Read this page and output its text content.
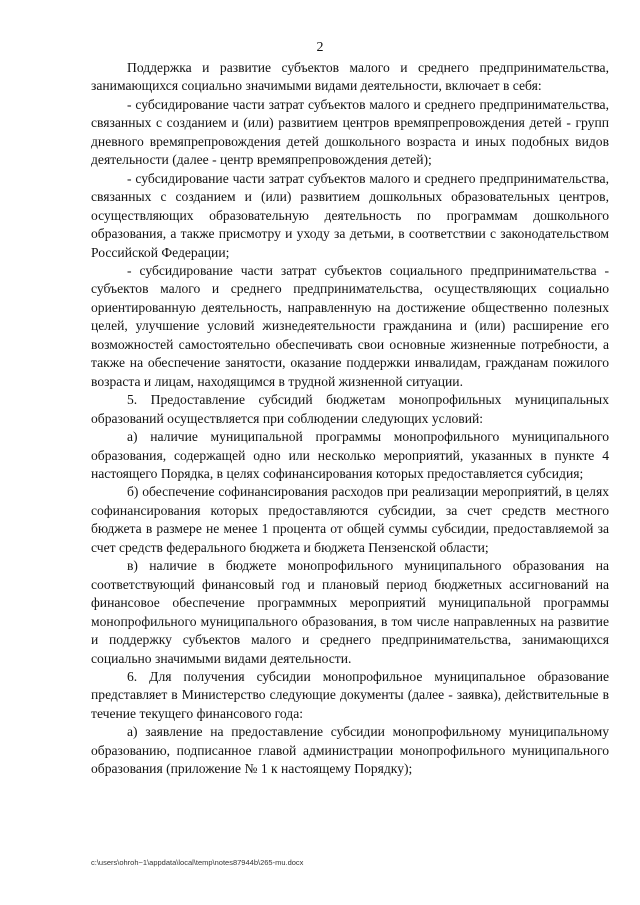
2

Поддержка и развитие субъектов малого и среднего предпринимательства, занимающихся социально значимыми видами деятельности, включает в себя:

- субсидирование части затрат субъектов малого и среднего предпринимательства, связанных с созданием и (или) развитием центров времяпрепровождения детей - групп дневного времяпрепровождения детей дошкольного возраста и иных подобных видов деятельности (далее - центр времяпрепровождения детей);

- субсидирование части затрат субъектов малого и среднего предпринимательства, связанных с созданием и (или) развитием дошкольных образовательных центров, осуществляющих образовательную деятельность по программам дошкольного образования, а также присмотру и уходу за детьми, в соответствии с законодательством Российской Федерации;

- субсидирование части затрат субъектов социального предпринимательства - субъектов малого и среднего предпринимательства, осуществляющих социально ориентированную деятельность, направленную на достижение общественно полезных целей, улучшение условий жизнедеятельности гражданина и (или) расширение его возможностей самостоятельно обеспечивать свои основные жизненные потребности, а также на обеспечение занятости, оказание поддержки инвалидам, гражданам пожилого возраста и лицам, находящимся в трудной жизненной ситуации.

5. Предоставление субсидий бюджетам монопрофильных муниципальных образований осуществляется при соблюдении следующих условий:

а) наличие муниципальной программы монопрофильного муниципального образования, содержащей одно или несколько мероприятий, указанных в пункте 4 настоящего Порядка, в целях софинансирования которых предоставляется субсидия;

б) обеспечение софинансирования расходов при реализации мероприятий, в целях софинансирования которых предоставляются субсидии, за счет средств местного бюджета в размере не менее 1 процента от общей суммы субсидии, предоставляемой за счет средств федерального бюджета и бюджета Пензенской области;

в) наличие в бюджете монопрофильного муниципального образования на соответствующий финансовый год и плановый период бюджетных ассигнований на финансовое обеспечение программных мероприятий муниципальной программы монопрофильного муниципального образования, в том числе направленных на развитие и поддержку субъектов малого и среднего предпринимательства, занимающихся социально значимыми видами деятельности.

6. Для получения субсидии монопрофильное муниципальное образование представляет в Министерство следующие документы (далее - заявка), действительные в течение текущего финансового года:

а) заявление на предоставление субсидии монопрофильному муниципальному образованию, подписанное главой администрации монопрофильного муниципального образования (приложение № 1 к настоящему Порядку);

c:\users\ohroh~1\appdata\local\temp\notes87944b\265-mu.docx
